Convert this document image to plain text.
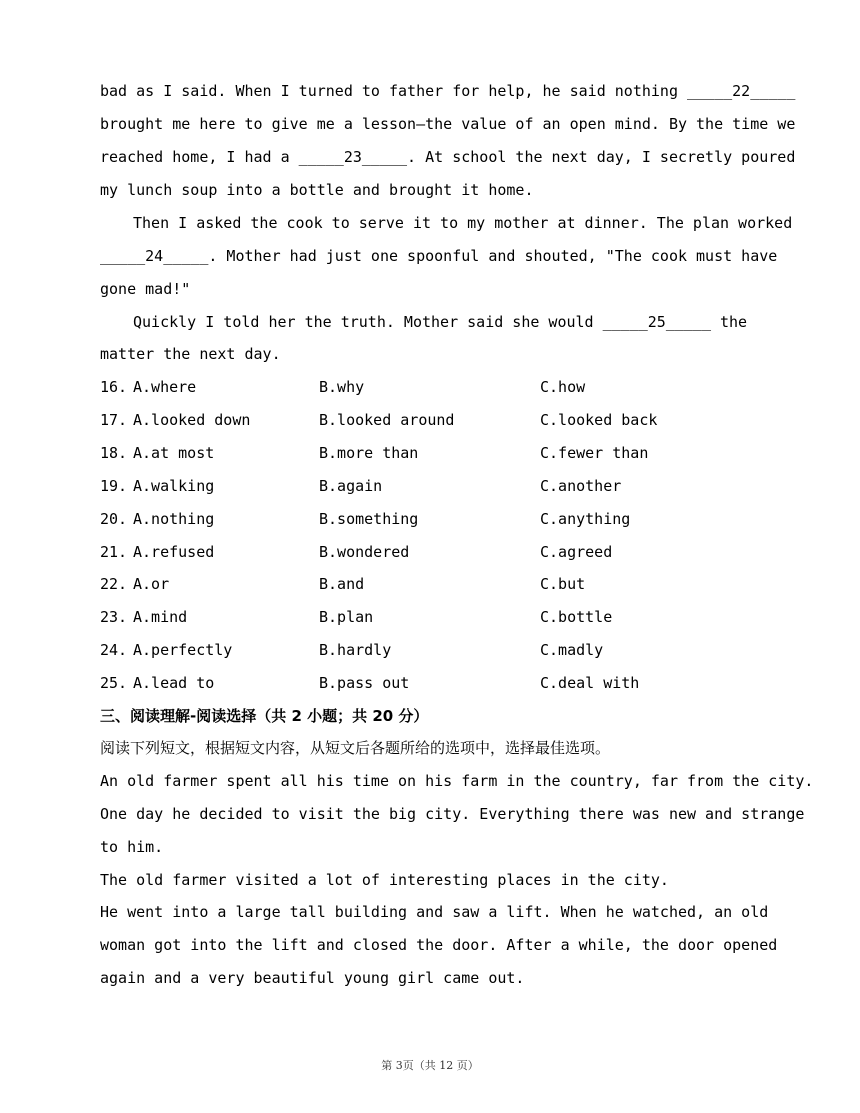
bad as I said. When I turned to father for help, he said nothing _____22_____
brought me here to give me a lesson—the value of an open mind. By the time we
reached home, I had a _____23_____. At school the next day, I secretly poured
my lunch soup into a bottle and brought it home.
Then I asked the cook to serve it to my mother at dinner. The plan worked
_____24_____. Mother had just one spoonful and shouted, "The cook must have
gone mad!"
Quickly I told her the truth. Mother said she would _____25_____ the
matter the next day.
16. A.where	B.why	C.how
17. A.looked down	B.looked around	C.looked back
18. A.at most	B.more than	C.fewer than
19. A.walking	B.again	C.another
20. A.nothing	B.something	C.anything
21. A.refused	B.wondered	C.agreed
22. A.or	B.and	C.but
23. A.mind	B.plan	C.bottle
24. A.perfectly	B.hardly	C.madly
25. A.lead to	B.pass out	C.deal with
三、阅读理解-阅读选择（共 2 小题；共 20 分）
阅读下列短文，根据短文内容，从短文后各题所给的选项中，选择最佳选项。
An old farmer spent all his time on his farm in the country, far from the city.
One day he decided to visit the big city. Everything there was new and strange
to him.
The old farmer visited a lot of interesting places in the city.
He went into a large tall building and saw a lift. When he watched, an old
woman got into the lift and closed the door. After a while, the door opened
again and a very beautiful young girl came out.
第 3页（共 12 页）
